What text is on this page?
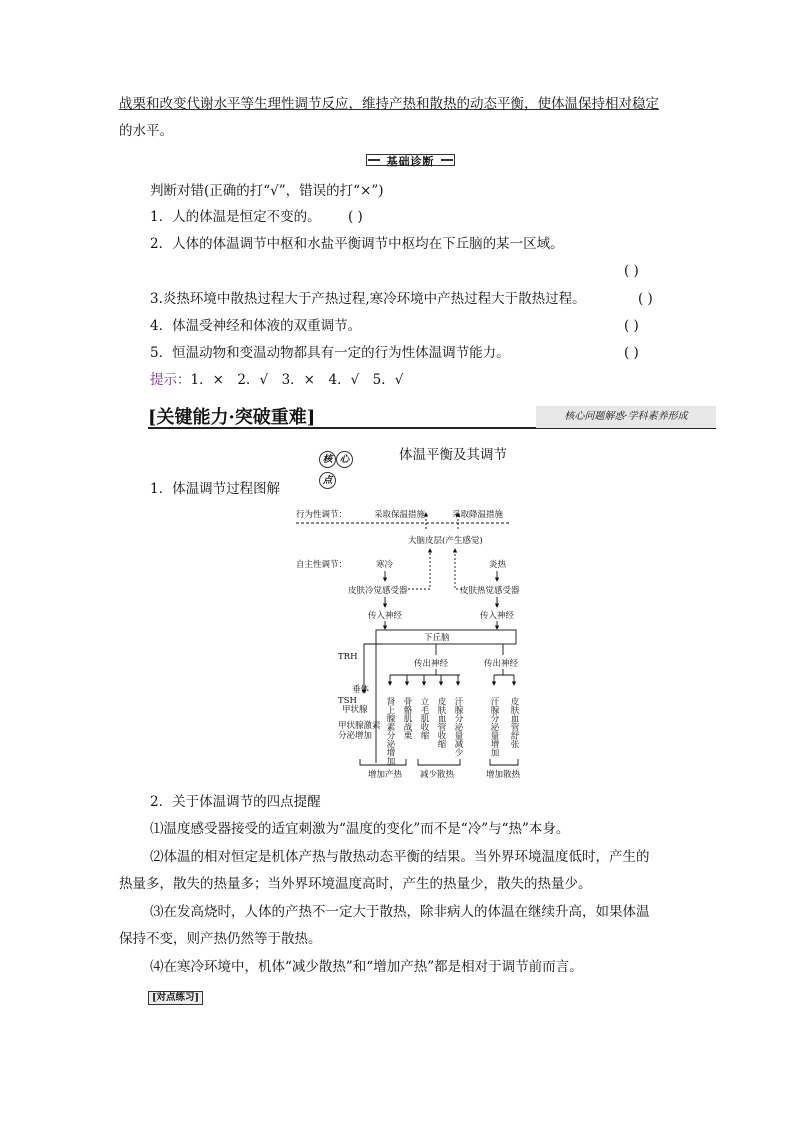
战栗和改变代谢水平等生理性调节反应，维持产热和散热的动态平衡，使体温保持相对稳定
的水平。
基础诊断
判断对错(正确的打“√”，错误的打“×”)
1．人的体温是恒定不变的。 ( )
2．人体的体温调节中枢和水盐平衡调节中枢均在下丘脑的某一区域。
( )
3.炎热环境中散热过程大于产热过程,寒冷环境中产热过程大于散热过程。	( )
4．体温受神经和体液的双重调节。	( )
5．恒温动物和变温动物都具有一定的行为性体温调节能力。	( )
提示：1．×　2．√　3．×　4．√　5．√
[关键能力·突破重难]	核心问题解惑·学科素养形成
核 心点
体温平衡及其调节
1．体温调节过程图解
行为性调节：	采取保温措施	采取降温措施
大脑皮层(产生感觉)
自主性调节：	寒冷	炎热
皮肤冷觉感受器	皮肤热觉感受器
传入神经	传入神经
下丘脑
TRH
垂体
TSH
甲状腺
甲状腺激素
分泌增加
传出神经	传出神经
肾上腺素分泌增加 骨骼肌战栗 立毛肌收缩 皮肤血管收缩 汗腺分泌量减少	汗腺分泌量增加 皮肤血管舒张
增加产热 减少散热	增加散热
2．关于体温调节的四点提醒
⑴温度感受器接受的适宜刺激为“温度的变化”而不是“冷”与“热”本身。
⑵体温的相对恒定是机体产热与散热动态平衡的结果。当外界环境温度低时，产生的
热量多，散失的热量多；当外界环境温度高时，产生的热量少，散失的热量少。
⑶在发高烧时，人体的产热不一定大于散热，除非病人的体温在继续升高，如果体温
保持不变，则产热仍然等于散热。
⑷在寒冷环境中，机体“减少散热”和“增加产热”都是相对于调节前而言。
[对点练习]
